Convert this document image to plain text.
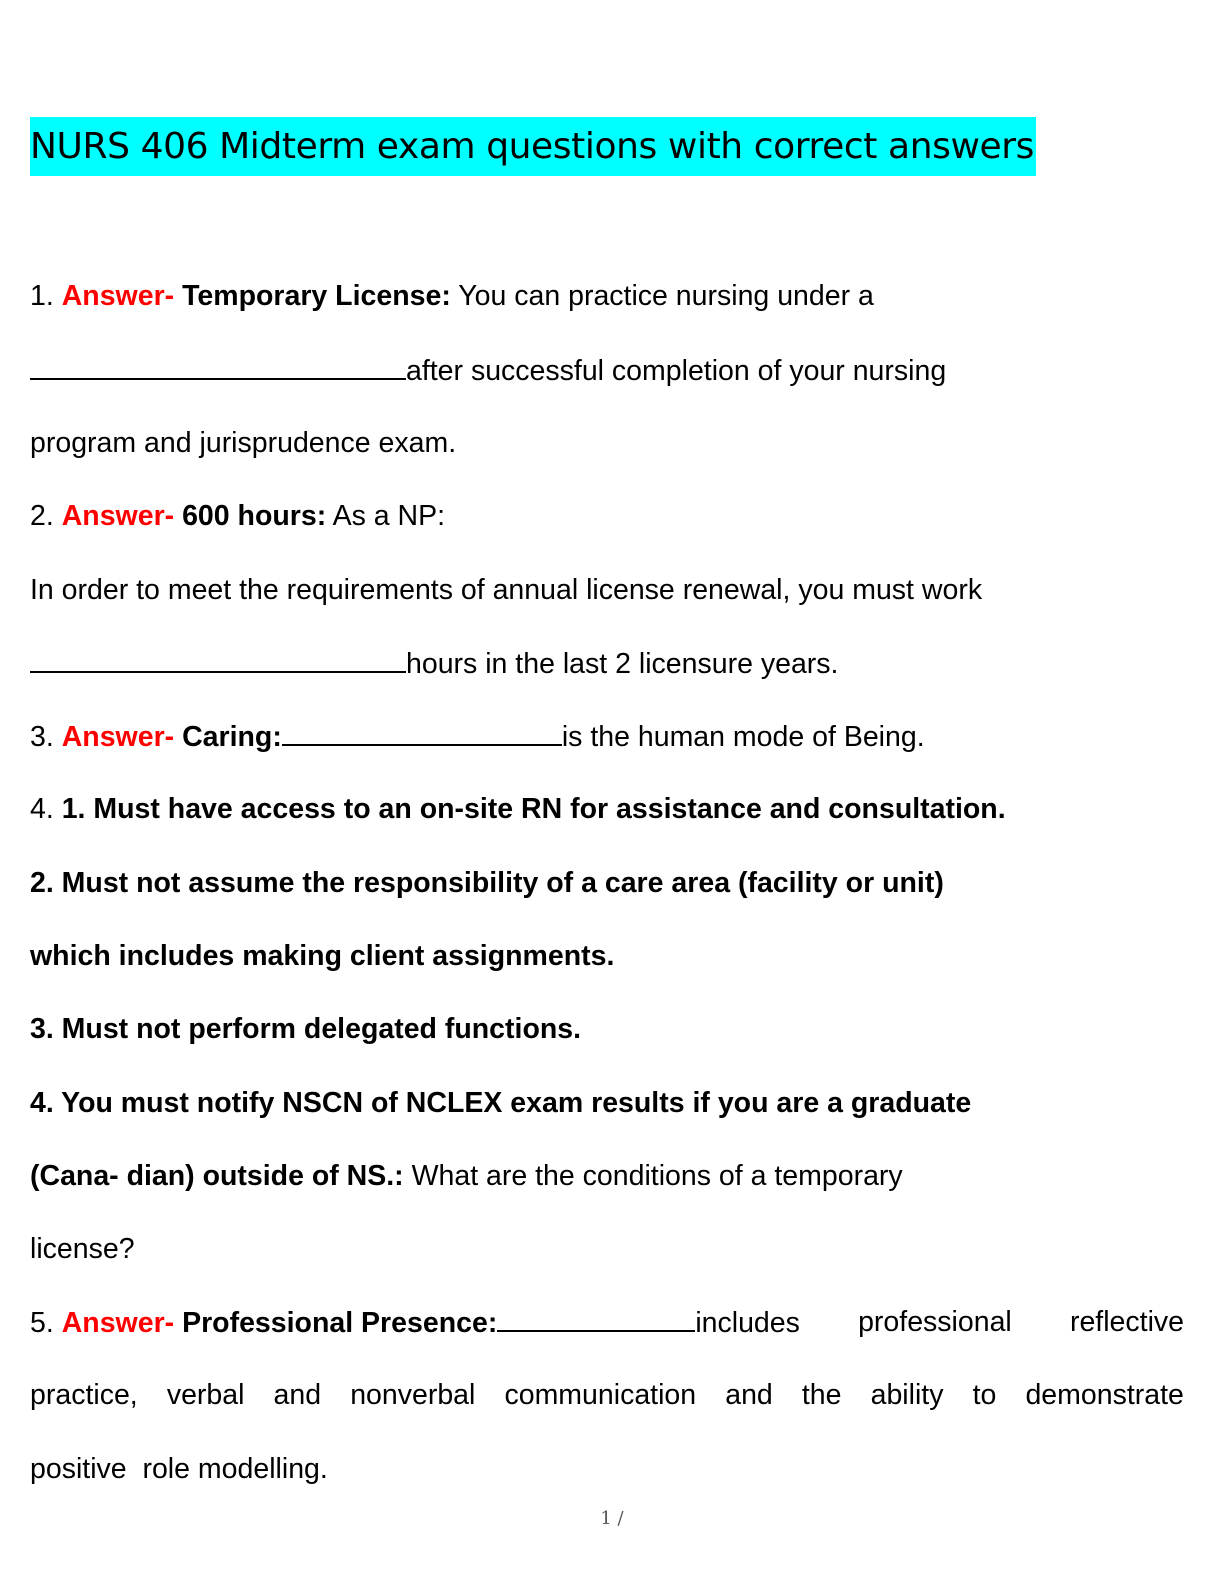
NURS 406 Midterm exam questions with correct answers
1. Answer- Temporary License: You can practice nursing under a
after successful completion of your nursing
program and jurisprudence exam.
2. Answer- 600 hours: As a NP:
In order to meet the requirements of annual license renewal, you must work
hours in the last 2 licensure years.
3. Answer- Caring:	is the human mode of Being.
4. 1. Must have access to an on-site RN for assistance and consultation.
2. Must not assume the responsibility of a care area (facility or unit)
which includes making client assignments.
3. Must not perform delegated functions.
4. You must notify NSCN of NCLEX exam results if you are a graduate
(Cana- dian) outside of NS.: What are the conditions of a temporary
license?
5. Answer- Professional Presence:	includes professional reflective
practice, verbal and nonverbal communication and the ability to demonstrate
positive  role modelling.
1 /
